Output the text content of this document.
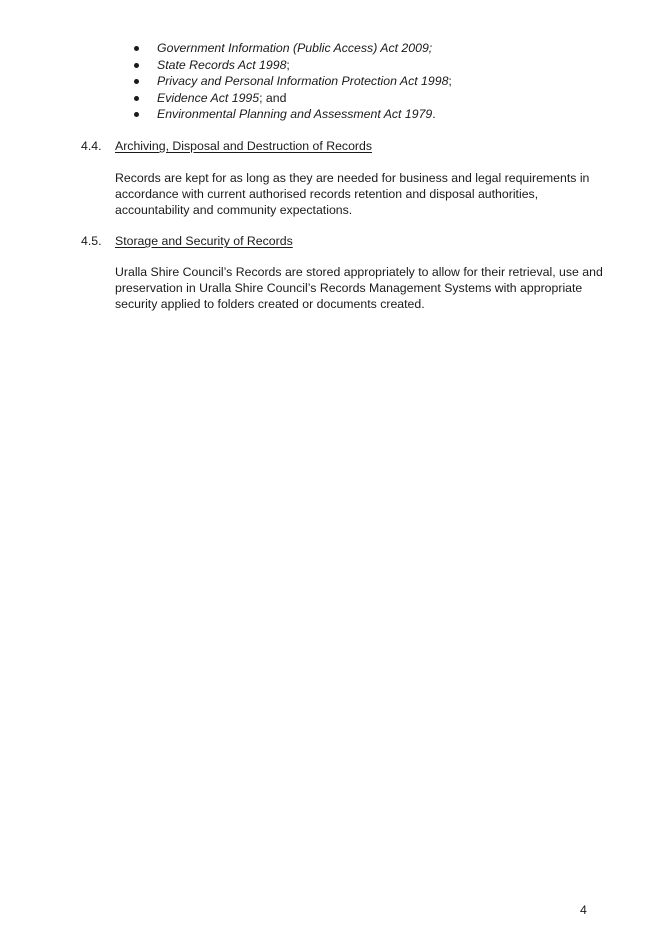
Government Information (Public Access) Act 2009;
State Records Act 1998;
Privacy and Personal Information Protection Act 1998;
Evidence Act 1995; and
Environmental Planning and Assessment Act 1979.
4.4. Archiving, Disposal and Destruction of Records

Records are kept for as long as they are needed for business and legal requirements in
accordance with current authorised records retention and disposal authorities,
accountability and community expectations.

4.5. Storage and Security of Records

Uralla Shire Council’s Records are stored appropriately to allow for their retrieval, use and
preservation in Uralla Shire Council’s Records Management Systems with appropriate
security applied to folders created or documents created.

4
